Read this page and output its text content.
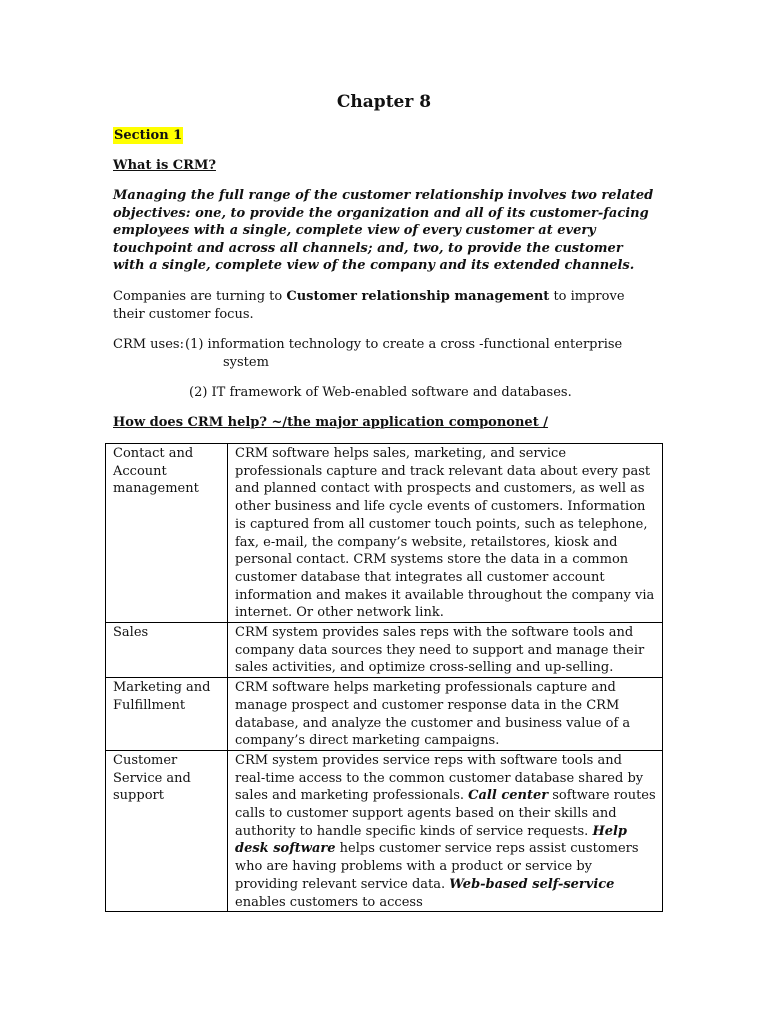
Chapter 8
Section 1
What is CRM?

Managing the full range of the customer relationship involves two related objectives: one, to provide the organization and all of its customer-facing employees with a single, complete view of every customer at every touchpoint and across all channels; and, two, to provide the customer with a single, complete view of the company and its extended channels.

Companies are turning to Customer relationship management to improve their customer focus.

CRM uses: (1) information technology to create a cross -functional enterprise
system
(2) IT framework of Web-enabled software and databases.
How does CRM help? ~/the major application compononet /
Contact and Account management	CRM software helps sales, marketing, and service professionals capture and track relevant data about every past and planned contact with prospects and customers, as well as other business and life cycle events of customers. Information is captured from all customer touch points, such as telephone, fax, e-mail, the company’s website, retailstores, kiosk and personal contact. CRM systems store the data in a common customer database that integrates all customer account information and makes it available throughout the company via internet. Or other network link.
Sales	CRM system provides sales reps with the software tools and company data sources they need to support and manage their sales activities, and optimize cross-selling and up-selling.
Marketing and Fulfillment	CRM software helps marketing professionals capture and manage prospect and customer response data in the CRM database, and analyze the customer and business value of a company’s direct marketing campaigns.
Customer Service and support	CRM system provides service reps with software tools and real-time access to the common customer database shared by sales and marketing professionals. Call center software routes calls to customer support agents based on their skills and authority to handle specific kinds of service requests. Help desk software helps customer service reps assist customers who are having problems with a product or service by providing relevant service data. Web-based self-service enables customers to access
